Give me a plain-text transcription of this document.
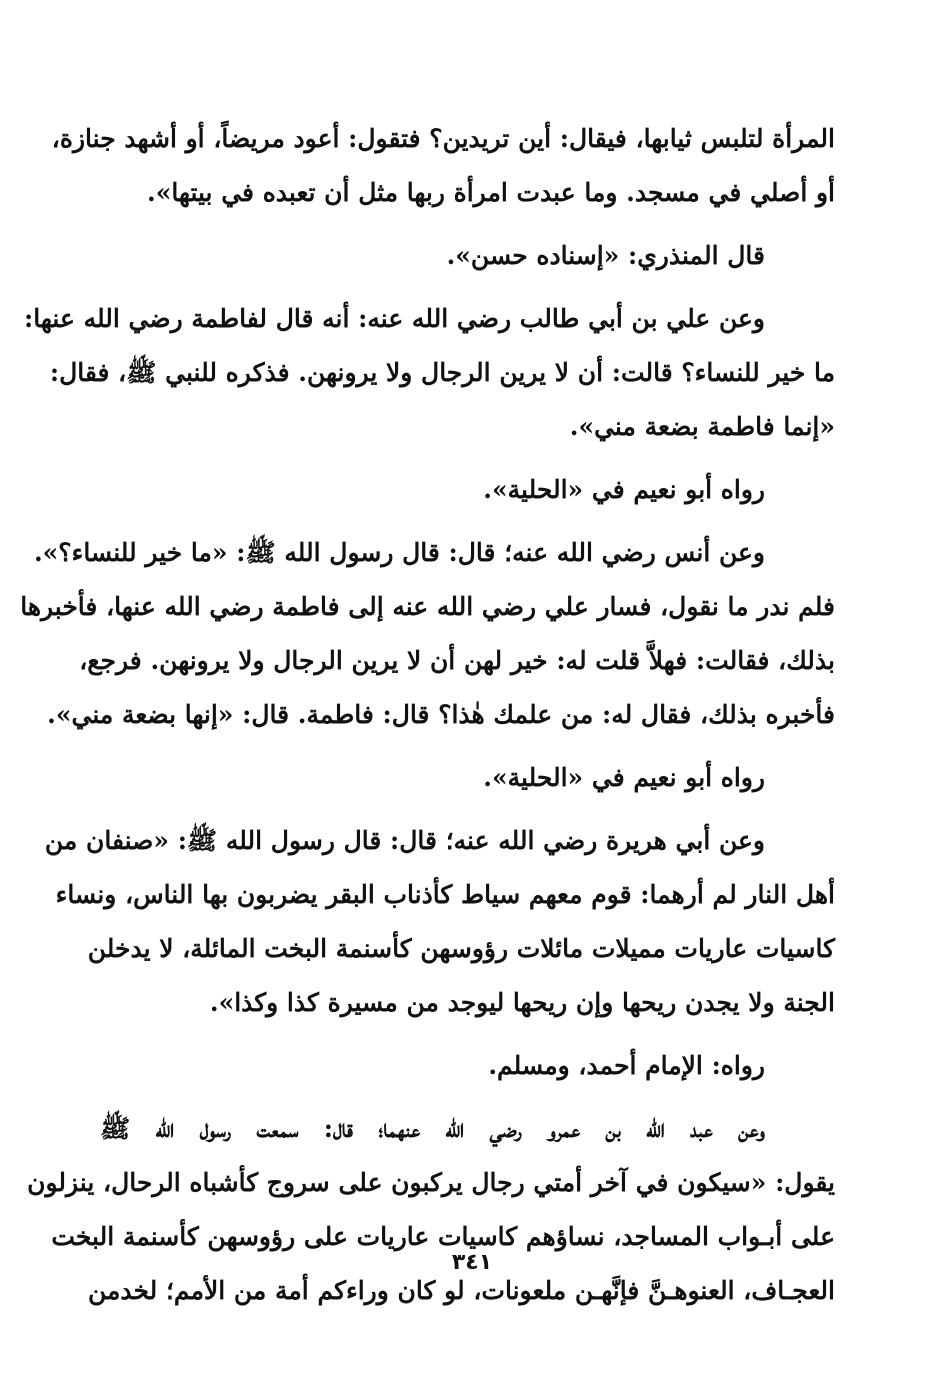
المرأة لتلبس ثيابها، فيقال: أين تريدين؟ فتقول: أعود مريضاً، أو أشهد جنازة،
أو أصلي في مسجد. وما عبدت امرأة ربها مثل أن تعبده في بيتها».

قال المنذري: «إسناده حسن».

وعن علي بن أبي طالب رضي الله عنه: أنه قال لفاطمة رضي الله عنها:
ما خير للنساء؟ قالت: أن لا يرين الرجال ولا يرونهن. فذكره للنبي ﷺ، فقال:
«إنما فاطمة بضعة مني».

رواه أبو نعيم في «الحلية».

وعن أنس رضي الله عنه؛ قال: قال رسول الله ﷺ: «ما خير للنساء؟».
فلم ندر ما نقول، فسار علي رضي الله عنه إلى فاطمة رضي الله عنها، فأخبرها
بذلك، فقالت: فهلاَّ قلت له: خير لهن أن لا يرين الرجال ولا يرونهن. فرجع،
فأخبره بذلك، فقال له: من علمك هٰذا؟ قال: فاطمة. قال: «إنها بضعة مني».

رواه أبو نعيم في «الحلية».

وعن أبي هريرة رضي الله عنه؛ قال: قال رسول الله ﷺ: «صنفان من
أهل النار لم أرهما: قوم معهم سياط كأذناب البقر يضربون بها الناس، ونساء
كاسيات عاريات مميلات مائلات رؤوسهن كأسنمة البخت المائلة، لا يدخلن
الجنة ولا يجدن ريحها وإن ريحها ليوجد من مسيرة كذا وكذا».

رواه: الإمام أحمد، ومسلم.

وعن عبد الله بن عمرو رضي الله عنهما؛ قال: سمعت رسول الله ﷺ
يقول: «سيكون في آخر أمتي رجال يركبون على سروج كأشباه الرحال، ينزلون
على أبـواب المساجد، نساؤهم كاسيات عاريات على رؤوسهن كأسنمة البخت
العجـاف، العنوهـنَّ فإنَّهـن ملعونات، لو كان وراءكم أمة من الأمم؛ لخدمن

٣٤١
